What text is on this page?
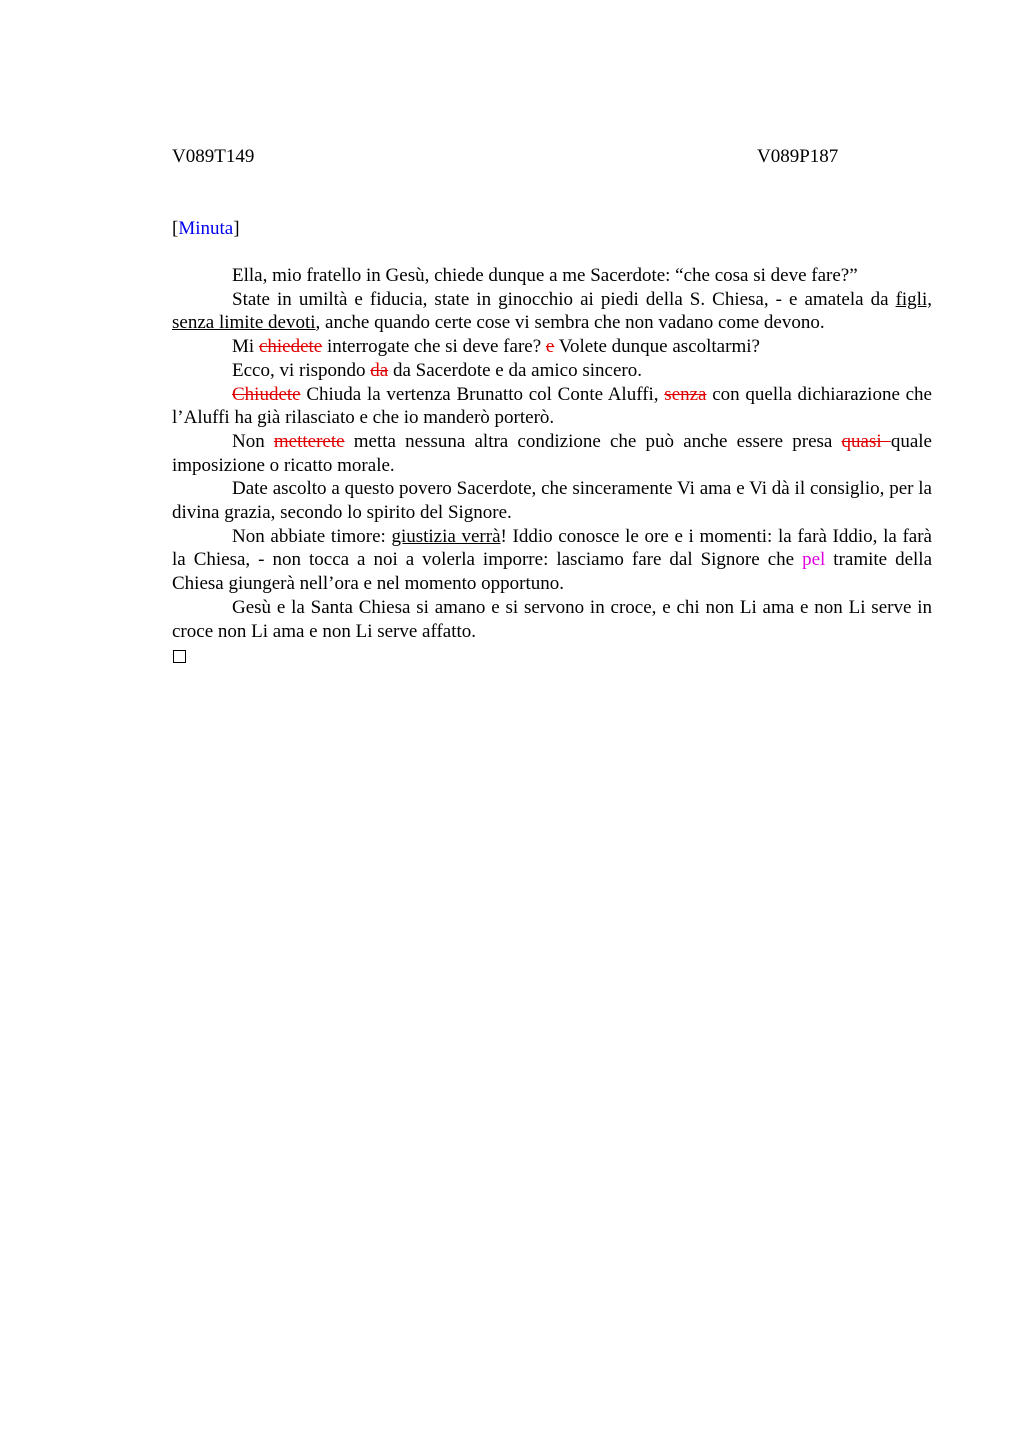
V089T149	V089P187
[Minuta]

Ella, mio fratello in Gesù, chiede dunque a me Sacerdote: “che cosa si deve fare?”

State in umiltà e fiducia, state in ginocchio ai piedi della S. Chiesa, - e amatela da figli, senza limite devoti, anche quando certe cose vi sembra che non vadano come devono.

Mi chiedete interrogate che si deve fare? e Volete dunque ascoltarmi?

Ecco, vi rispondo da da Sacerdote e da amico sincero.

Chiudete Chiuda la vertenza Brunatto col Conte Aluffi, senza con quella dichiarazione che l’Aluffi ha già rilasciato e che io manderò porterò.

Non metterete metta nessuna altra condizione che può anche essere presa quasi quale imposizione o ricatto morale.

Date ascolto a questo povero Sacerdote, che sinceramente Vi ama e Vi dà il consiglio, per la divina grazia, secondo lo spirito del Signore.

Non abbiate timore: giustizia verrà! Iddio conosce le ore e i momenti: la farà Iddio, la farà la Chiesa, - non tocca a noi a volerla imporre: lasciamo fare dal Signore che pel tramite della Chiesa giungerà nell’ora e nel momento opportuno.

Gesù e la Santa Chiesa si amano e si servono in croce, e chi non Li ama e non Li serve in croce non Li ama e non Li serve affatto.
